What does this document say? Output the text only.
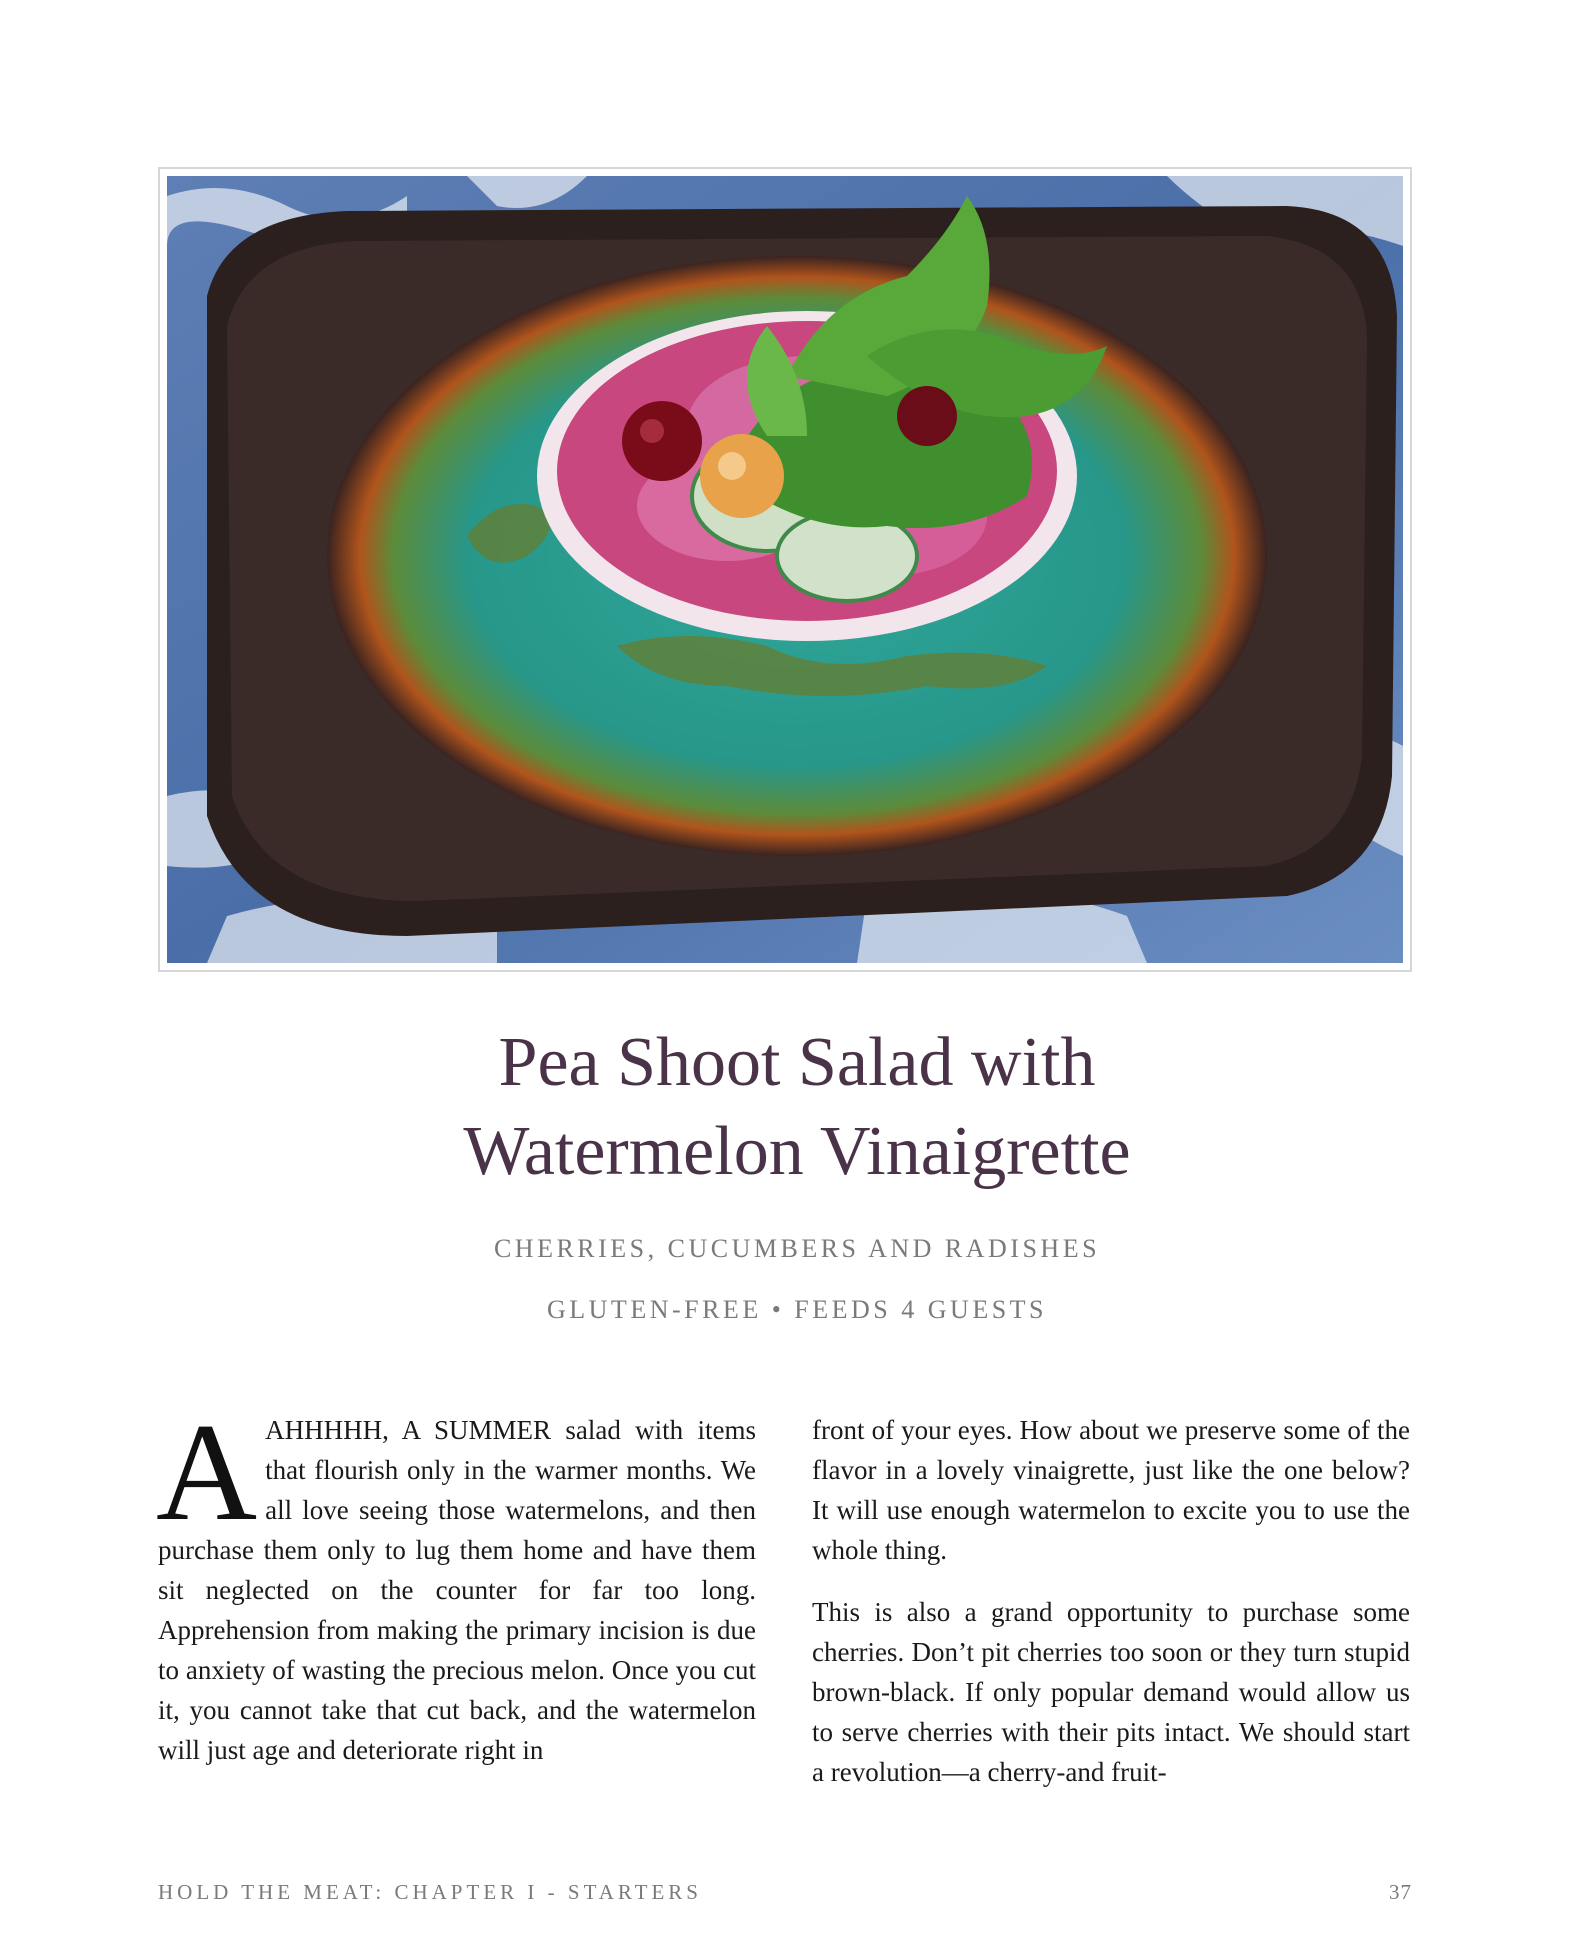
Pea Shoot Salad with
Watermelon Vinaigrette

CHERRIES, CUCUMBERS AND RADISHES

GLUTEN-FREE • FEEDS 4 GUESTS

AAHHHHH, A SUMMER salad with items that flourish only in the warmer months. We all love seeing those watermelons, and then purchase them only to lug them home and have them sit neglected on the counter for far too long. Apprehension from making the primary incision is due to anxiety of wasting the precious melon. Once you cut it, you cannot take that cut back, and the watermelon will just age and deteriorate right in

front of your eyes. How about we preserve some of the flavor in a lovely vinaigrette, just like the one below? It will use enough watermelon to excite you to use the whole thing.

This is also a grand opportunity to purchase some cherries. Don’t pit cherries too soon or they turn stupid brown-black. If only popular demand would allow us to serve cherries with their pits intact. We should start a revolution—a cherry-and fruit-

HOLD THE MEAT: CHAPTER I - STARTERS	37
